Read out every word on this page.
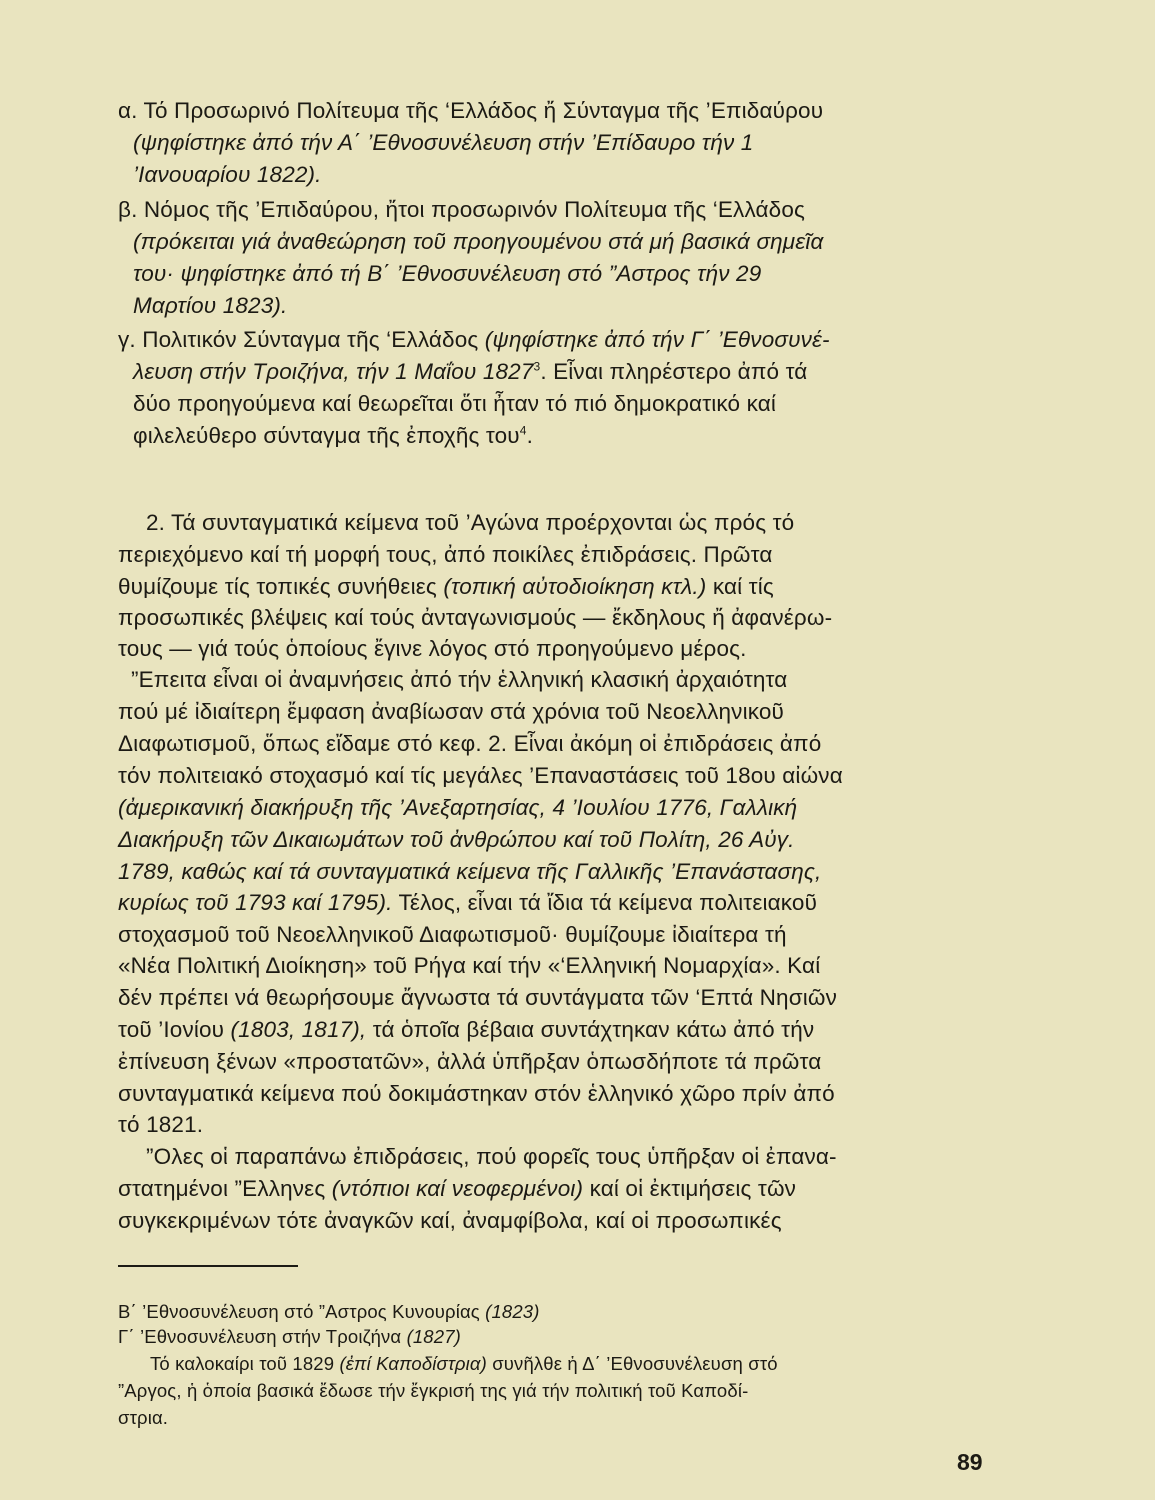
α. Τό Προσωρινό Πολίτευμα τῆς ‘Ελλάδος ἤ Σύνταγμα τῆς ’Επιδαύρου
(ψηφίστηκε ἀπό τήν Α΄ ’Εθνοσυνέλευση στήν ’Επίδαυρο τήν 1
’Ιανουαρίου 1822).
β. Νόμος τῆς ’Επιδαύρου, ἤτοι προσωρινόν Πολίτευμα τῆς ‘Ελλάδος
(πρόκειται γιά ἀναθεώρηση τοῦ προηγουμένου στά μή βασικά σημεῖα
του· ψηφίστηκε ἀπό τή Β΄ ’Εθνοσυνέλευση στό ”Αστρος τήν 29
Μαρτίου 1823).
γ. Πολιτικόν Σύνταγμα τῆς ‘Ελλάδος (ψηφίστηκε ἀπό τήν Γ΄ ’Εθνοσυνέ-
λευση στήν Τροιζήνα, τήν 1 Μαΐου 1827$^3$. Εἶναι πληρέστερο ἀπό τά
δύο προηγούμενα καί θεωρεῖται ὅτι ἦταν τό πιό δημοκρατικό καί
φιλελεύθερο σύνταγμα τῆς ἐποχῆς του$^4$.
2. Τά συνταγματικά κείμενα τοῦ ’Αγώνα προέρχονται ὡς πρός τό
περιεχόμενο καί τή μορφή τους, ἀπό ποικίλες ἐπιδράσεις. Πρῶτα
θυμίζουμε τίς τοπικές συνήθειες (τοπική αὐτοδιοίκηση κτλ.) καί τίς
προσωπικές βλέψεις καί τούς ἀνταγωνισμούς — ἔκδηλους ἤ ἀφανέρω-
τους — γιά τούς ὁποίους ἔγινε λόγος στό προηγούμενο μέρος.
”Επειτα εἶναι οἱ ἀναμνήσεις ἀπό τήν ἑλληνική κλασική ἀρχαιότητα
πού μέ ἰδιαίτερη ἔμφαση ἀναβίωσαν στά χρόνια τοῦ Νεοελληνικοῦ
Διαφωτισμοῦ, ὅπως εἴδαμε στό κεφ. 2. Εἶναι ἀκόμη οἱ ἐπιδράσεις ἀπό
τόν πολιτειακό στοχασμό καί τίς μεγάλες ’Επαναστάσεις τοῦ 18ου αἰώνα
(ἀμερικανική διακήρυξη τῆς ’Ανεξαρτησίας, 4 ’Ιουλίου 1776, Γαλλική
Διακήρυξη τῶν Δικαιωμάτων τοῦ ἀνθρώπου καί τοῦ Πολίτη, 26 Αὐγ.
1789, καθώς καί τά συνταγματικά κείμενα τῆς Γαλλικῆς ’Επανάστασης,
κυρίως τοῦ 1793 καί 1795). Τέλος, εἶναι τά ἴδια τά κείμενα πολιτειακοῦ
στοχασμοῦ τοῦ Νεοελληνικοῦ Διαφωτισμοῦ· θυμίζουμε ἰδιαίτερα τή
«Νέα Πολιτική Διοίκηση» τοῦ Ρήγα καί τήν «‘Ελληνική Νομαρχία». Καί
δέν πρέπει νά θεωρήσουμε ἄγνωστα τά συντάγματα τῶν ‘Επτά Νησιῶν
τοῦ ’Ιονίου (1803, 1817), τά ὁποῖα βέβαια συντάχτηκαν κάτω ἀπό τήν
ἐπίνευση ξένων «προστατῶν», ἀλλά ὑπῆρξαν ὁπωσδήποτε τά πρῶτα
συνταγματικά κείμενα πού δοκιμάστηκαν στόν ἑλληνικό χῶρο πρίν ἀπό
τό 1821.
”Ολες οἱ παραπάνω ἐπιδράσεις, πού φορεῖς τους ὑπῆρξαν οἱ ἐπανα-
στατημένοι ”Ελληνες (ντόπιοι καί νεοφερμένοι) καί οἱ ἐκτιμήσεις τῶν
συγκεκριμένων τότε ἀναγκῶν καί, ἀναμφίβολα, καί οἱ προσωπικές
Β΄ ’Εθνοσυνέλευση στό ”Αστρος Κυνουρίας (1823)
Γ΄ ’Εθνοσυνέλευση στήν Τροιζήνα (1827)
Τό καλοκαίρι τοῦ 1829 (ἐπί Καποδίστρια) συνῆλθε ἡ Δ΄ ’Εθνοσυνέλευση στό
”Αργος, ἡ ὁποία βασικά ἔδωσε τήν ἔγκρισή της γιά τήν πολιτική τοῦ Καποδί-
στρια.
89
